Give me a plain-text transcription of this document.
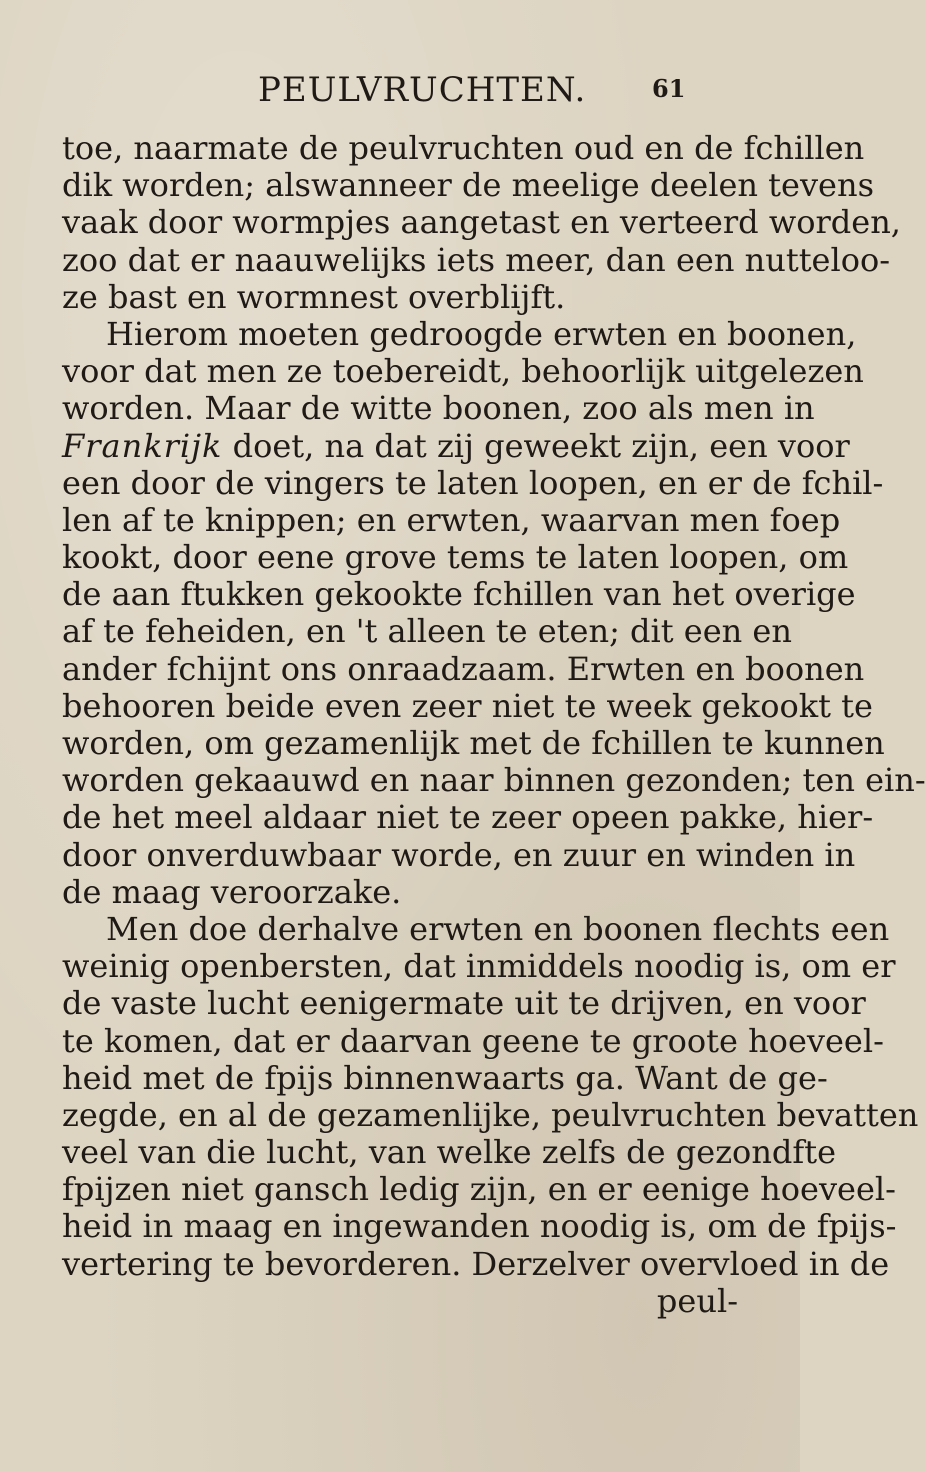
PEULVRUCHTEN.	61
toe, naarmate de peulvruchten oud en de fchillen
dik worden; alswanneer de meelige deelen tevens
vaak door wormpjes aangetast en verteerd worden,
zoo dat er naauwelijks iets meer, dan een nutteloo-
ze bast en wormnest overblijft.
Hierom moeten gedroogde erwten en boonen,
voor dat men ze toebereidt, behoorlijk uitgelezen
worden. Maar de witte boonen, zoo als men in
Frankrijk doet, na dat zij geweekt zijn, een voor
een door de vingers te laten loopen, en er de fchil-
len af te knippen; en erwten, waarvan men foep
kookt, door eene grove tems te laten loopen, om
de aan ftukken gekookte fchillen van het overige
af te feheiden, en 't alleen te eten; dit een en
ander fchijnt ons onraadzaam. Erwten en boonen
behooren beide even zeer niet te week gekookt te
worden, om gezamenlijk met de fchillen te kunnen
worden gekaauwd en naar binnen gezonden; ten ein-
de het meel aldaar niet te zeer opeen pakke, hier-
door onverduwbaar worde, en zuur en winden in
de maag veroorzake.
Men doe derhalve erwten en boonen flechts een
weinig openbersten, dat inmiddels noodig is, om er
de vaste lucht eenigermate uit te drijven, en voor
te komen, dat er daarvan geene te groote hoeveel-
heid met de fpijs binnenwaarts ga. Want de ge-
zegde, en al de gezamenlijke, peulvruchten bevatten
veel van die lucht, van welke zelfs de gezondfte
fpijzen niet gansch ledig zijn, en er eenige hoeveel-
heid in maag en ingewanden noodig is, om de fpijs-
vertering te bevorderen. Derzelver overvloed in de
peul-
